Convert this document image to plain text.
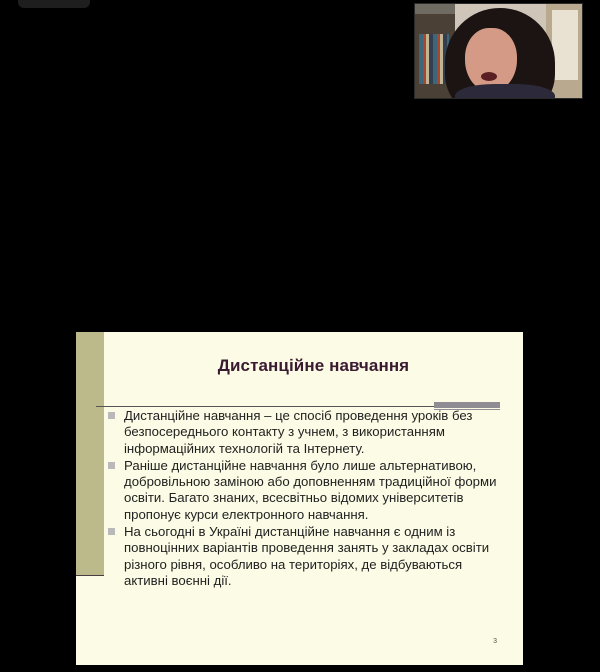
Дистанційне навчання
Дистанційне навчання – це спосіб проведення уроків без безпосереднього контакту з учнем, з використанням інформаційних технологій та Інтернету.
Раніше дистанційне навчання було лише альтернативою, добровільною заміною або доповненням традиційної форми освіти. Багато знаних, всесвітньо відомих університетів пропонує курси електронного навчання.
На сьогодні в Україні дистанційне навчання є одним із повноцінних варіантів проведення занять у закладах освіти різного рівня, особливо на територіях, де відбуваються активні воєнні дії.
3
